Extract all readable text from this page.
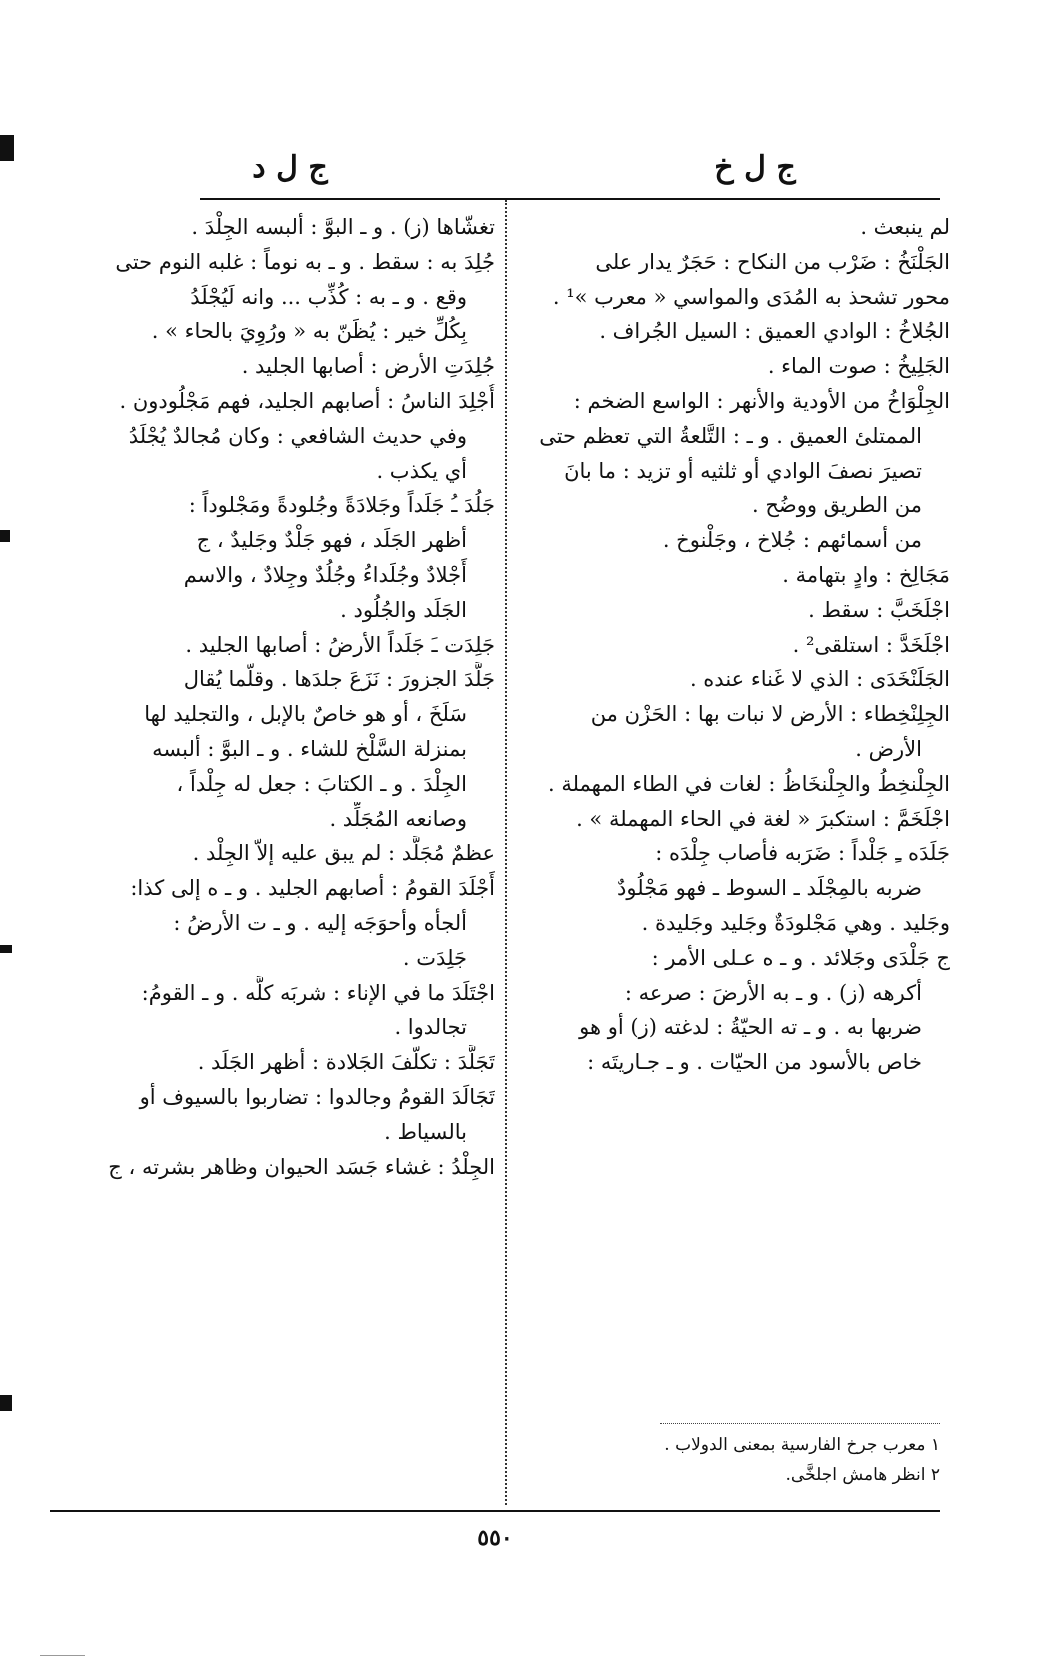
ج ل خ
ج ل د
لم ينبعث .
الجَلْنَخُ : ضَرْب من النكاح : حَجَرٌ يدار على
محور تشحذ به المُدَى والمواسي « معرب »¹ .
الجُلاخُ : الوادي العميق : السيل الجُراف .
الجَلِيخُ : صوت الماء .
الجِلْوَاخُ من الأودية والأنهر : الواسع الضخم :
الممتلئ العميق . و ـ : التَّلعةُ التي تعظم حتى
تصيرَ نصفَ الوادي أو ثلثيه أو تزيد : ما بانَ
من الطريق ووضُح .
من أسمائهم : جُلاخ ، وجَلْنوخ .
مَجَالِخ : وادٍ بتهامة .
اجْلَخَبَّ : سقط .
اجْلَخَدَّ : استلقى² .
الجَلَنْخَدَى : الذي لا غَناء عنده .
الجِلِنْخِطاء : الأرض لا نبات بها : الحَزْن من
الأرض .
الجِلْنخِطُ والجِلْنخَاظُ : لغات في الطاء المهملة .
اجْلَخَمَّ : استكبرَ « لغة في الحاء المهملة » .
جَلَدَه ـِ جَلْداً : ضَرَبه فأصاب جِلْدَه :
ضربه بالمِجْلَد ـ السوط ـ فهو مَجْلُودٌ
وجَليد . وهي مَجْلودَةٌ وجَليد وجَليدة .
ج جَلْدَى وجَلائد . و ـ ه عـلى الأمر :
أكرهه (ز) . و ـ به الأرضَ : صرعه :
ضربها به . و ـ ته الحيّةُ : لدغته (ز) أو هو
خاص بالأسود من الحيّات . و ـ جـاريتَه :
تغشّاها (ز) . و ـ البوَّ : ألبسه الجِلْدَ .
جُلِدَ به : سقط . و ـ به نوماً : غلبه النوم حتى
وقع . و ـ به : كُذِّب ... وانه لَيُجْلَدُ
بِكُلِّ خير : يُظَنّ به « ورُوِيَ بالحاء » .
جُلِدَتِ الأرض : أصابها الجليد .
أُجْلِدَ الناسُ : أصابهم الجليد، فهم مَجْلُودون .
وفي حديث الشافعي : وكان مُجالدٌ يُجْلَدُ
أي يكذب .
جَلُدَ ـُ جَلَداً وجَلادَةً وجُلودةً ومَجْلوداً :
أظهر الجَلَد ، فهو جَلْدٌ وجَليدٌ ، ج
أَجْلادٌ وجُلَداءُ وجُلُدٌ وجِلادٌ ، والاسم
الجَلَد والجُلُود .
جَلِدَت ـَ جَلَداً الأرضُ : أصابها الجليد .
جَلَّدَ الجزورَ : نَزَعَ جلدَها . وقلّما يُقال
سَلَخَ ، أو هو خاصٌ بالإبل ، والتجليد لها
بمنزلة السَّلْخ للشاء . و ـ البوَّ : ألبسه
الجِلْدَ . و ـ الكتابَ : جعل له جِلْداً ،
وصانعه المُجَلِّد .
عظمٌ مُجَلَّد : لم يبق عليه إلاّ الجِلْد .
أَجْلَدَ القومُ : أصابهم الجليد . و ـ ه إلى كذا:
ألجأه وأحوَجَه إليه . و ـ ت الأرضُ :
جَلِدَت .
اجْتَلَدَ ما في الإناء : شربَه كلَّه . و ـ القومُ:
تجالدوا .
تَجَلَّدَ : تكلّفَ الجَلادة : أظهر الجَلَد .
تَجَالَدَ القومُ وجالدوا : تضاربوا بالسيوف أو
بالسياط .
الجِلْدُ : غشاء جَسَد الحيوان وظاهر بشرته ، ج
١ معرب جرخ الفارسية بمعنى الدولاب .
٢ انظر هامش اجلخَّى.
٥٥٠
